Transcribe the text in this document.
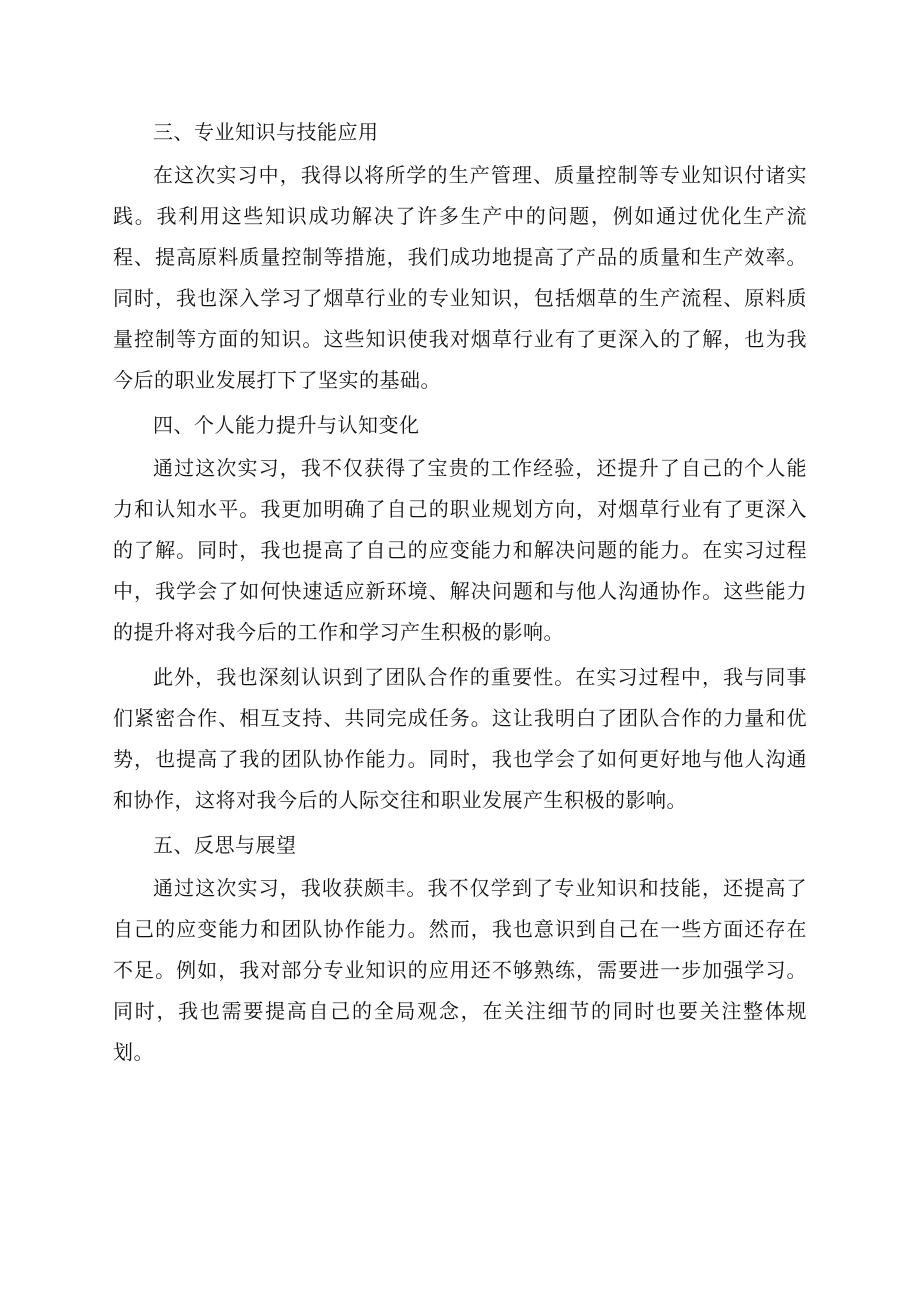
三、专业知识与技能应用

在这次实习中，我得以将所学的生产管理、质量控制等专业知识付诸实践。我利用这些知识成功解决了许多生产中的问题，例如通过优化生产流程、提高原料质量控制等措施，我们成功地提高了产品的质量和生产效率。同时，我也深入学习了烟草行业的专业知识，包括烟草的生产流程、原料质量控制等方面的知识。这些知识使我对烟草行业有了更深入的了解，也为我今后的职业发展打下了坚实的基础。

四、个人能力提升与认知变化

通过这次实习，我不仅获得了宝贵的工作经验，还提升了自己的个人能力和认知水平。我更加明确了自己的职业规划方向，对烟草行业有了更深入的了解。同时，我也提高了自己的应变能力和解决问题的能力。在实习过程中，我学会了如何快速适应新环境、解决问题和与他人沟通协作。这些能力的提升将对我今后的工作和学习产生积极的影响。

此外，我也深刻认识到了团队合作的重要性。在实习过程中，我与同事们紧密合作、相互支持、共同完成任务。这让我明白了团队合作的力量和优势，也提高了我的团队协作能力。同时，我也学会了如何更好地与他人沟通和协作，这将对我今后的人际交往和职业发展产生积极的影响。

五、反思与展望

通过这次实习，我收获颇丰。我不仅学到了专业知识和技能，还提高了自己的应变能力和团队协作能力。然而，我也意识到自己在一些方面还存在不足。例如，我对部分专业知识的应用还不够熟练，需要进一步加强学习。同时，我也需要提高自己的全局观念，在关注细节的同时也要关注整体规划。
